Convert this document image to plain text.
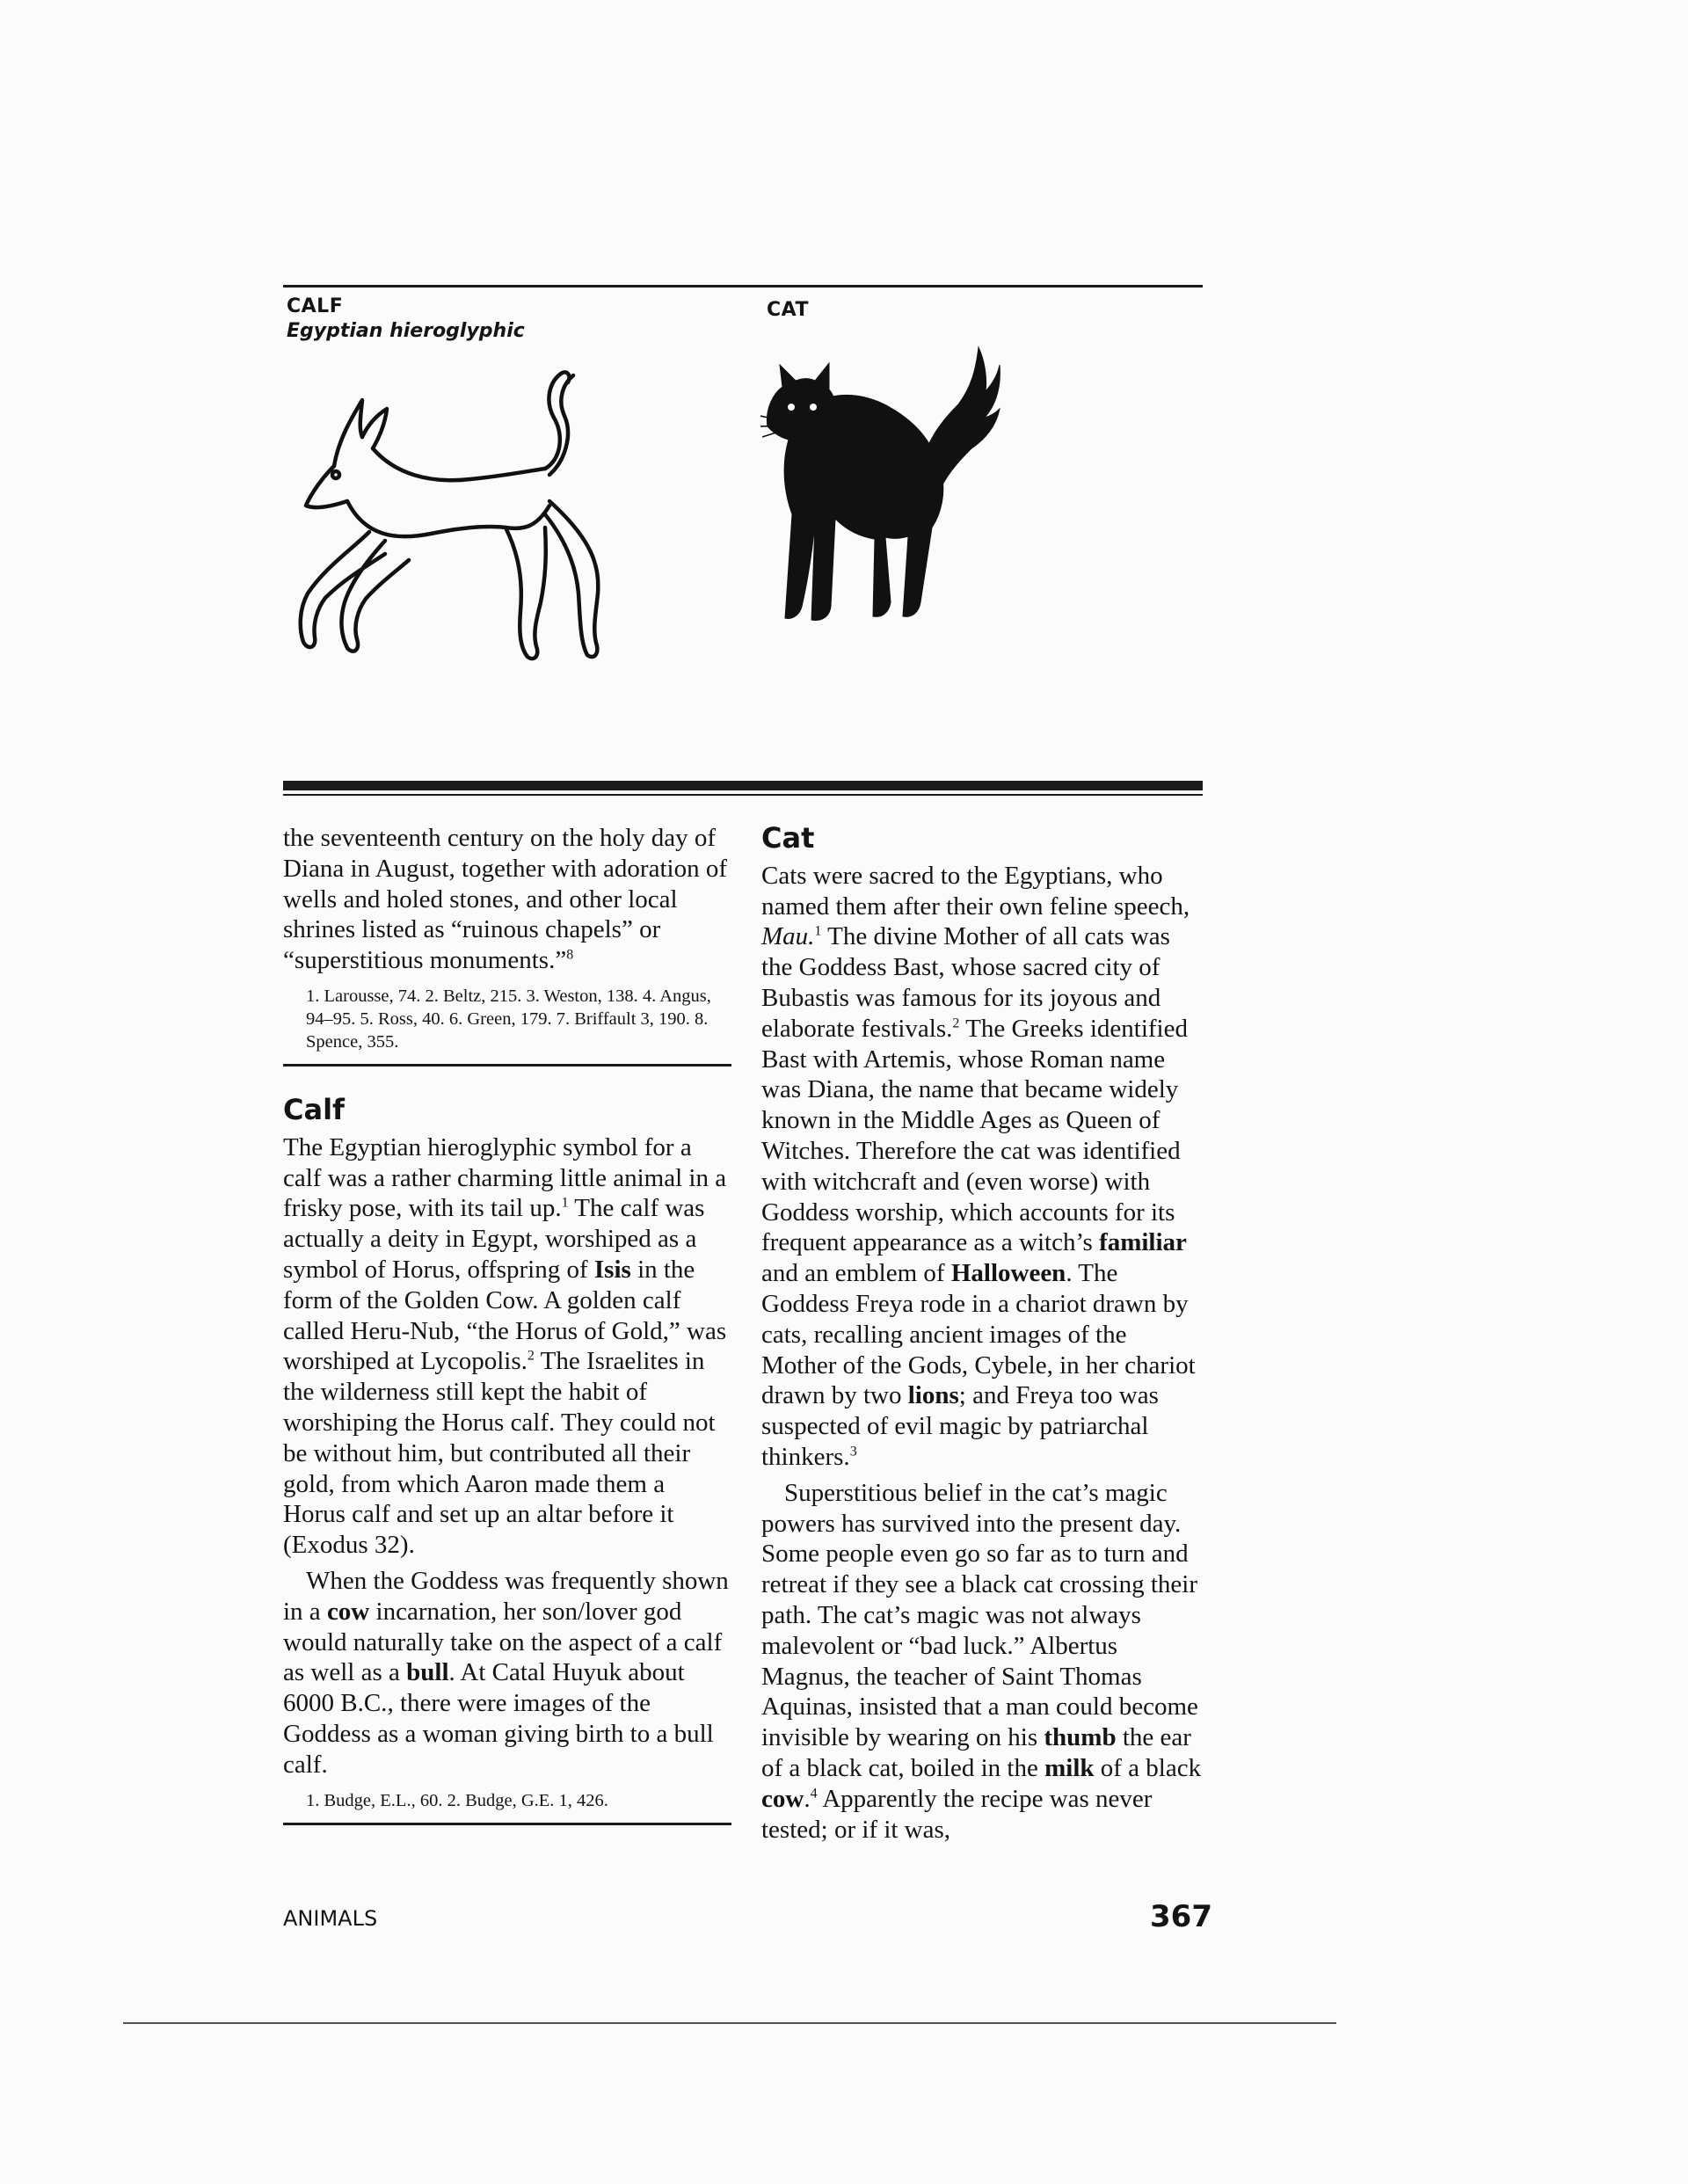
CALF
Egyptian hieroglyphic
CAT

the seventeenth century on the holy day of Diana in August, together with adoration of wells and holed stones, and other local shrines listed as “ruinous chapels” or “superstitious monuments.”$^8$

1. Larousse, 74. 2. Beltz, 215. 3. Weston, 138. 4. Angus, 94–95. 5. Ross, 40. 6. Green, 179. 7. Briffault 3, 190. 8. Spence, 355.
Calf

The Egyptian hieroglyphic symbol for a calf was a rather charming little animal in a frisky pose, with its tail up.$^1$ The calf was actually a deity in Egypt, worshiped as a symbol of Horus, offspring of Isis in the form of the Golden Cow. A golden calf called Heru-Nub, “the Horus of Gold,” was worshiped at Lycopolis.$^2$ The Israelites in the wilderness still kept the habit of worshiping the Horus calf. They could not be without him, but contributed all their gold, from which Aaron made them a Horus calf and set up an altar before it (Exodus 32).

When the Goddess was frequently shown in a cow incarnation, her son/lover god would naturally take on the aspect of a calf as well as a bull. At Catal Huyuk about 6000 B.C., there were images of the Goddess as a woman giving birth to a bull calf.

1. Budge, E.L., 60. 2. Budge, G.E. 1, 426.
Cat

Cats were sacred to the Egyptians, who named them after their own feline speech, Mau.$^1$ The divine Mother of all cats was the Goddess Bast, whose sacred city of Bubastis was famous for its joyous and elaborate festivals.$^2$ The Greeks identified Bast with Artemis, whose Roman name was Diana, the name that became widely known in the Middle Ages as Queen of Witches. Therefore the cat was identified with witchcraft and (even worse) with Goddess worship, which accounts for its frequent appearance as a witch’s familiar and an emblem of Halloween. The Goddess Freya rode in a chariot drawn by cats, recalling ancient images of the Mother of the Gods, Cybele, in her chariot drawn by two lions; and Freya too was suspected of evil magic by patriarchal thinkers.$^3$

Superstitious belief in the cat’s magic powers has survived into the present day. Some people even go so far as to turn and retreat if they see a black cat crossing their path. The cat’s magic was not always malevolent or “bad luck.” Albertus Magnus, the teacher of Saint Thomas Aquinas, insisted that a man could become invisible by wearing on his thumb the ear of a black cat, boiled in the milk of a black cow.$^4$ Apparently the recipe was never tested; or if it was,

ANIMALS	367
